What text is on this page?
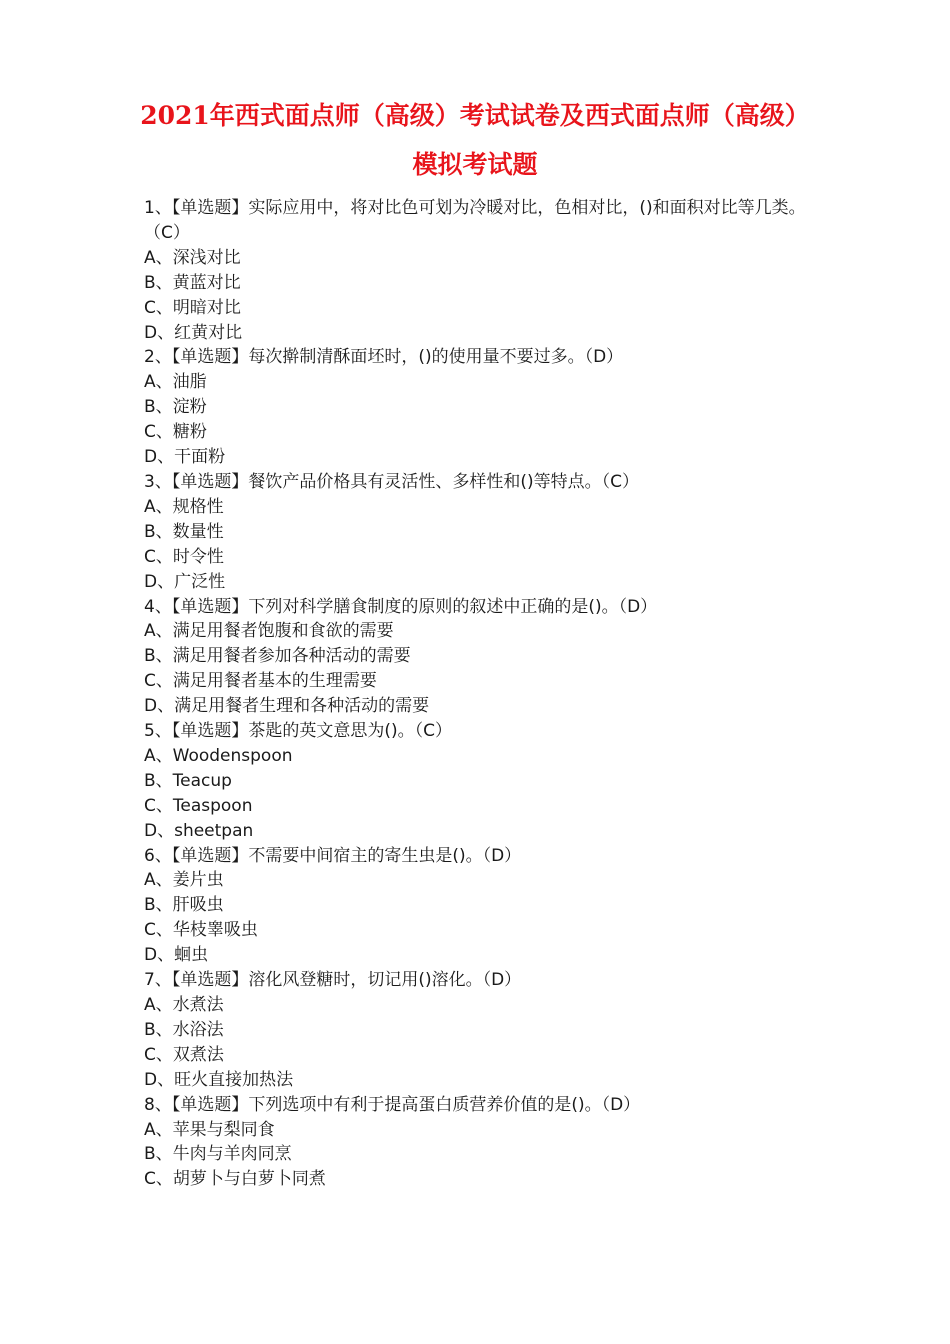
2021年西式面点师（高级）考试试卷及西式面点师（高级）
模拟考试题

1、【单选题】实际应用中，将对比色可划为冷暖对比，色相对比，()和面积对比等几类。（C）

A、深浅对比

B、黄蓝对比

C、明暗对比

D、红黄对比

2、【单选题】每次擀制清酥面坯时，()的使用量不要过多。（D）

A、油脂

B、淀粉

C、糖粉

D、干面粉

3、【单选题】餐饮产品价格具有灵活性、多样性和()等特点。（C）

A、规格性

B、数量性

C、时令性

D、广泛性

4、【单选题】下列对科学膳食制度的原则的叙述中正确的是()。（D）

A、满足用餐者饱腹和食欲的需要

B、满足用餐者参加各种活动的需要

C、满足用餐者基本的生理需要

D、满足用餐者生理和各种活动的需要

5、【单选题】茶匙的英文意思为()。（C）

A、Woodenspoon

B、Teacup

C、Teaspoon

D、sheetpan

6、【单选题】不需要中间宿主的寄生虫是()。（D）

A、姜片虫

B、肝吸虫

C、华枝睾吸虫

D、蛔虫

7、【单选题】溶化风登糖时，切记用()溶化。（D）

A、水煮法

B、水浴法

C、双煮法

D、旺火直接加热法

8、【单选题】下列选项中有利于提高蛋白质营养价值的是()。（D）

A、苹果与梨同食

B、牛肉与羊肉同烹

C、胡萝卜与白萝卜同煮
